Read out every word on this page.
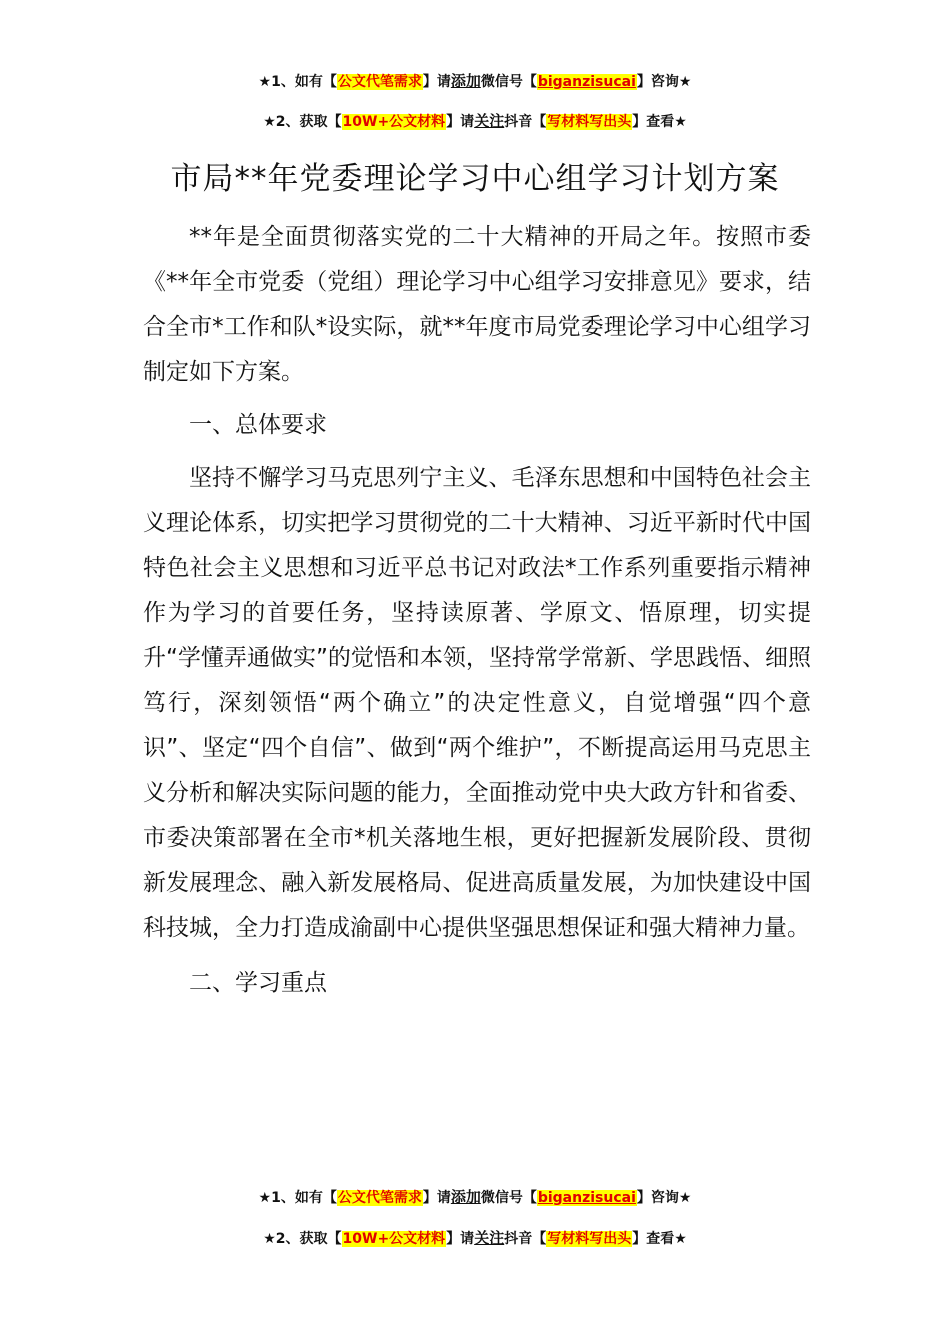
★1、如有【公文代笔需求】请添加微信号【biganzisucai】咨询★
★2、获取【10W+公文材料】请关注抖音【写材料写出头】查看★
市局**年党委理论学习中心组学习计划方案

**年是全面贯彻落实党的二十大精神的开局之年。按照市委《**年全市党委（党组）理论学习中心组学习安排意见》要求，结合全市*工作和队*设实际，就**年度市局党委理论学习中心组学习制定如下方案。

一、总体要求

坚持不懈学习马克思列宁主义、毛泽东思想和中国特色社会主义理论体系，切实把学习贯彻党的二十大精神、习近平新时代中国特色社会主义思想和习近平总书记对政法*工作系列重要指示精神作为学习的首要任务，坚持读原著、学原文、悟原理，切实提升“学懂弄通做实”的觉悟和本领，坚持常学常新、学思践悟、细照笃行，深刻领悟“两个确立”的决定性意义，自觉增强“四个意识”、坚定“四个自信”、做到“两个维护”，不断提高运用马克思主义分析和解决实际问题的能力，全面推动党中央大政方针和省委、市委决策部署在全市*机关落地生根，更好把握新发展阶段、贯彻新发展理念、融入新发展格局、促进高质量发展，为加快建设中国科技城，全力打造成渝副中心提供坚强思想保证和强大精神力量。

二、学习重点

★1、如有【公文代笔需求】请添加微信号【biganzisucai】咨询★
★2、获取【10W+公文材料】请关注抖音【写材料写出头】查看★
